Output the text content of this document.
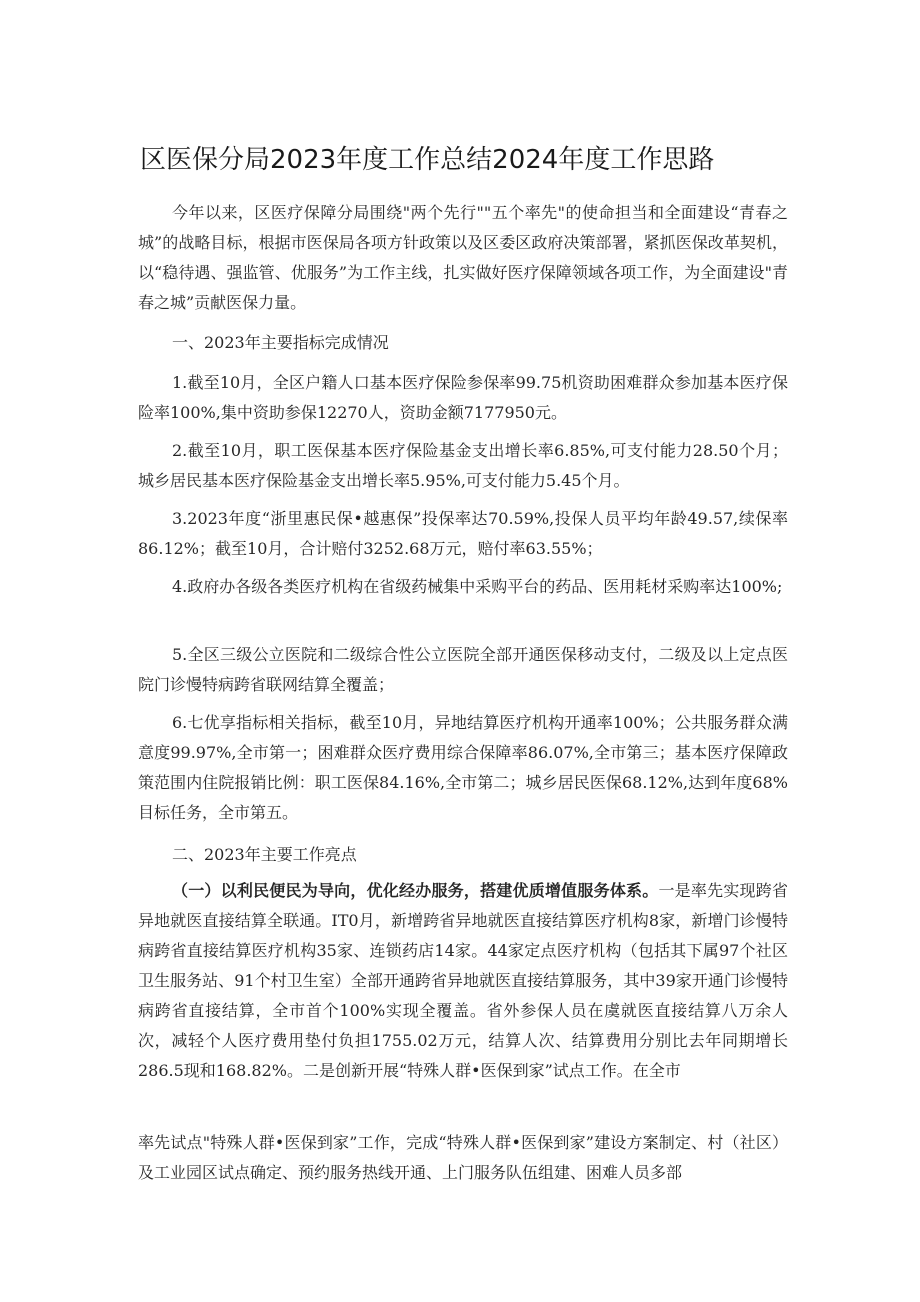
区医保分局2023年度工作总结2024年度工作思路

今年以来，区医疗保障分局围绕"两个先行""五个率先"的使命担当和全面建设“青春之城”的战略目标，根据市医保局各项方针政策以及区委区政府决策部署，紧抓医保改革契机，以“稳待遇、强监管、优服务”为工作主线，扎实做好医疗保障领域各项工作，为全面建设"青春之城”贡献医保力量。

一、2023年主要指标完成情况

1.截至10月，全区户籍人口基本医疗保险参保率99.75机资助困难群众参加基本医疗保险率100%,集中资助参保12270人，资助金额7177950元。

2.截至10月，职工医保基本医疗保险基金支出增长率6.85%,可支付能力28.50个月；城乡居民基本医疗保险基金支出增长率5.95%,可支付能力5.45个月。

3.2023年度“浙里惠民保•越惠保”投保率达70.59%,投保人员平均年龄49.57,续保率86.12%；截至10月，合计赔付3252.68万元，赔付率63.55%；

4.政府办各级各类医疗机构在省级药械集中采购平台的药品、医用耗材采购率达100%;

5.全区三级公立医院和二级综合性公立医院全部开通医保移动支付，二级及以上定点医院门诊慢特病跨省联网结算全覆盖；

6.七优享指标相关指标，截至10月，异地结算医疗机构开通率100%；公共服务群众满意度99.97%,全市第一；困难群众医疗费用综合保障率86.07%,全市第三；基本医疗保障政策范围内住院报销比例：职工医保84.16%,全市第二；城乡居民医保68.12%,达到年度68%目标任务，全市第五。

二、2023年主要工作亮点

（一）以利民便民为导向，优化经办服务，搭建优质增值服务体系。一是率先实现跨省异地就医直接结算全联通。IT0月，新增跨省异地就医直接结算医疗机构8家，新增门诊慢特病跨省直接结算医疗机构35家、连锁药店14家。44家定点医疗机构（包括其下属97个社区卫生服务站、91个村卫生室）全部开通跨省异地就医直接结算服务，其中39家开通门诊慢特病跨省直接结算，全市首个100%实现全覆盖。省外参保人员在虞就医直接结算八万余人次，减轻个人医疗费用垫付负担1755.02万元，结算人次、结算费用分别比去年同期增长286.5现和168.82%。二是创新开展“特殊人群•医保到家”试点工作。在全市

率先试点"特殊人群•医保到家”工作，完成“特殊人群•医保到家”建设方案制定、村（社区）及工业园区试点确定、预约服务热线开通、上门服务队伍组建、困难人员多部
